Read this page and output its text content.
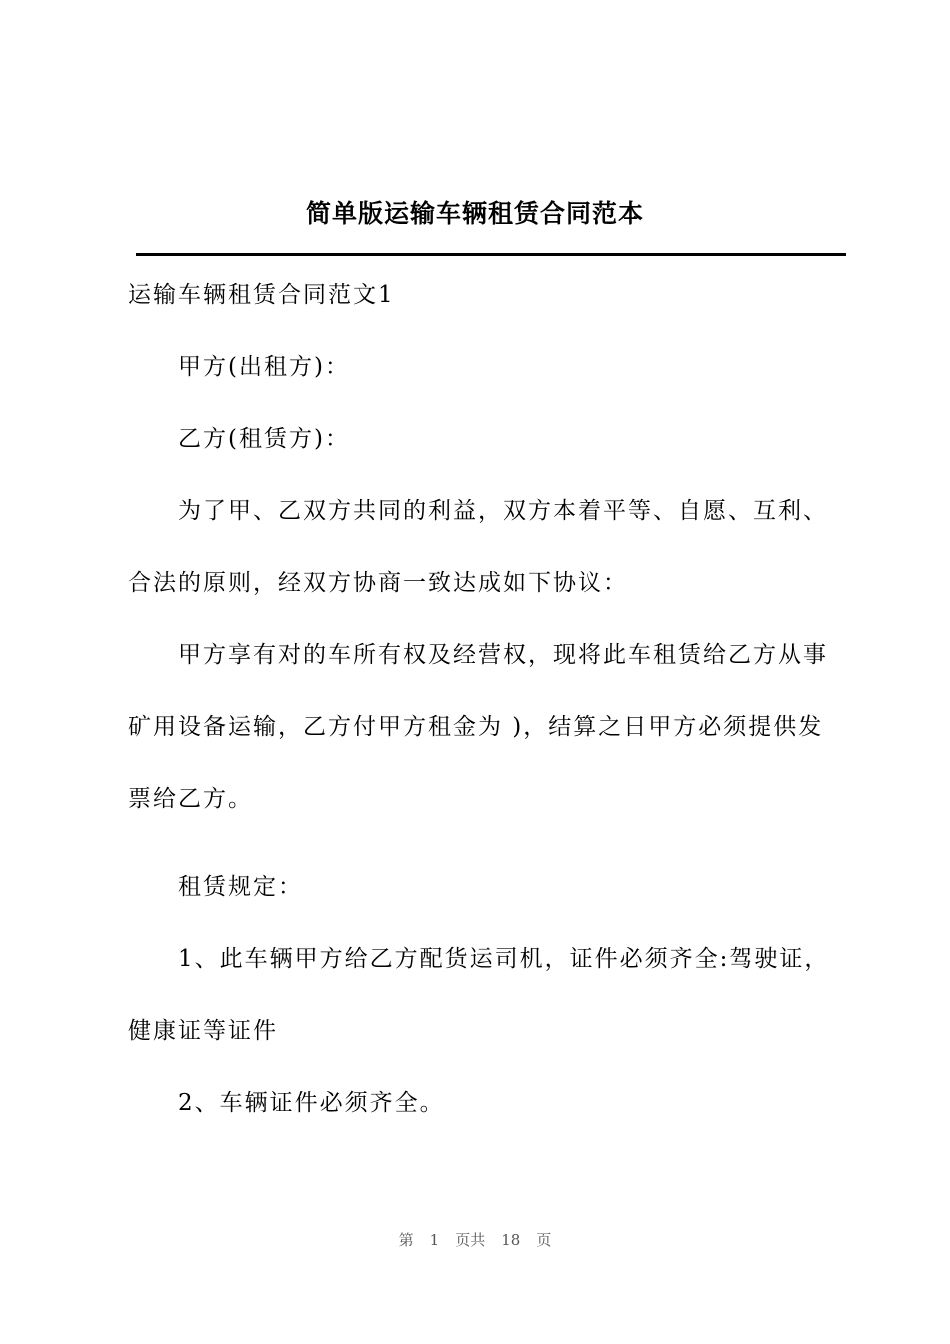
简单版运输车辆租赁合同范本

运输车辆租赁合同范文1

甲方(出租方)：

乙方(租赁方)：

为了甲、乙双方共同的利益，双方本着平等、自愿、互利、合法的原则，经双方协商一致达成如下协议：

甲方享有对的车所有权及经营权，现将此车租赁给乙方从事矿用设备运输，乙方付甲方租金为 )，结算之日甲方必须提供发票给乙方。

租赁规定：

1、此车辆甲方给乙方配货运司机，证件必须齐全:驾驶证，健康证等证件

2、车辆证件必须齐全。

第 1 页共 18 页
